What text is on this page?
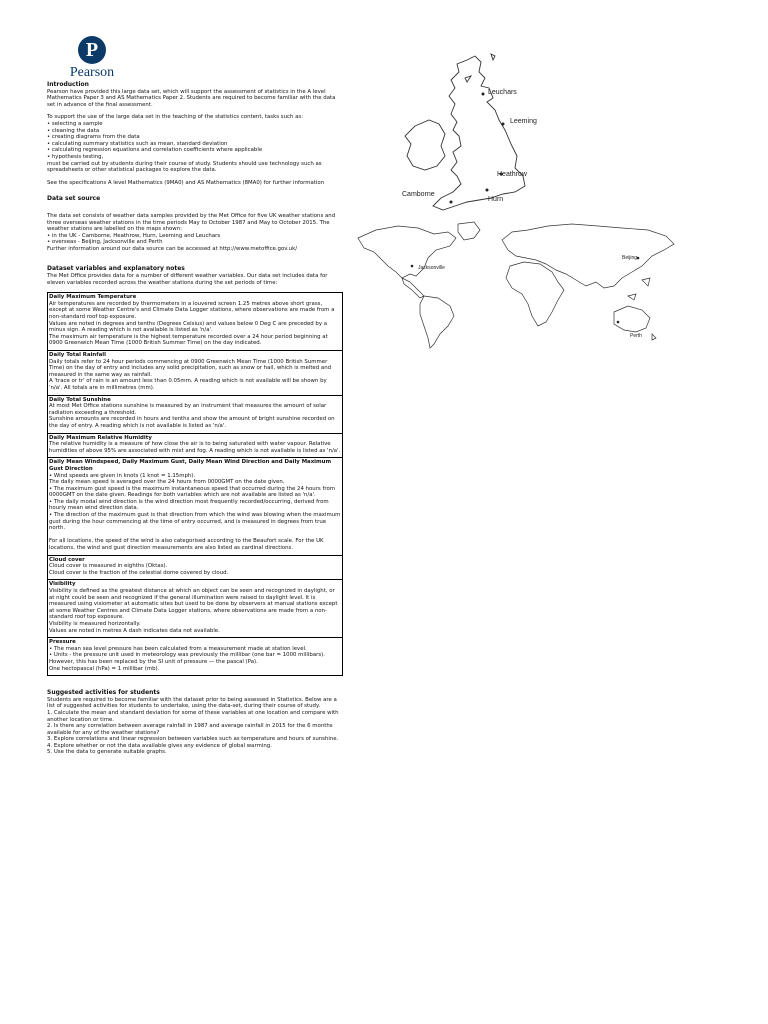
P
Pearson

Introduction

Pearson have provided this large data set, which will support the assessment of statistics in the A level Mathematics Paper 3 and AS Mathematics Paper 2. Students are required to become familiar with the data set in advance of the final assessment.

To support the use of the large data set in the teaching of the statistics content, tasks such as:
• selecting a sample
• cleaning the data
• creating diagrams from the data
• calculating summary statistics such as mean, standard deviation
• calculating regression equations and correlation coefficients where applicable
• hypothesis testing,
must be carried out by students during their course of study. Students should use technology such as spreadsheets or other statistical packages to explore the data.

See the specifications A level Mathematics (9MA0) and AS Mathematics (8MA0) for further information

Data set source

The data set consists of weather data samples provided by the Met Office for five UK weather stations and three overseas weather stations in the time periods May to October 1987 and May to October 2015. The weather stations are labelled on the maps shown:
• in the UK - Camborne, Heathrow, Hurn, Leeming and Leuchars
• overseas - Beijing, Jacksonville and Perth
Further information around our data source can be accessed at http://www.metoffice.gov.uk/

Dataset variables and explanatory notes

The Met Office provides data for a number of different weather variables. Our data set includes data for eleven variables recorded across the weather stations during the set periods of time:

Daily Maximum Temperature
Air temperatures are recorded by thermometers in a louvered screen 1.25 metres above short grass, except at some Weather Centre's and Climate Data Logger stations, where observations are made from a non-standard roof top exposure.
Values are noted in degrees and tenths (Degrees Celsius) and values below 0 Deg C are preceded by a minus sign. A reading which is not available is listed as 'n/a'.
The maximum air temperature is the highest temperature recorded over a 24 hour period beginning at 0900 Greenwich Mean Time (1000 British Summer Time) on the day indicated.
Daily Total Rainfall
Daily totals refer to 24 hour periods commencing at 0900 Greenwich Mean Time (1000 British Summer Time) on the day of entry and includes any solid precipitation, such as snow or hail, which is melted and measured in the same way as rainfall.
A 'trace or tr' of rain is an amount less than 0.05mm. A reading which is not available will be shown by 'n/a'. All totals are in millimetres (mm).
Daily Total Sunshine
At most Met Office stations sunshine is measured by an instrument that measures the amount of solar radiation exceeding a threshold.
Sunshine amounts are recorded in hours and tenths and show the amount of bright sunshine recorded on the day of entry. A reading which is not available is listed as 'n/a'.
Daily Maximum Relative Humidity
The relative humidity is a measure of how close the air is to being saturated with water vapour. Relative humidities of above 95% are associated with mist and fog. A reading which is not available is listed as 'n/a'.
Daily Mean Windspeed, Daily Maximum Gust, Daily Mean Wind Direction and Daily Maximum Gust Direction
• Wind speeds are given in knots (1 knot = 1.15mph).
The daily mean speed is averaged over the 24 hours from 0000GMT on the date given.
• The maximum gust speed is the maximum instantaneous speed that occurred during the 24 hours from 0000GMT on the date given. Readings for both variables which are not available are listed as 'n/a'.
• The daily modal wind direction is the wind direction most frequently recorded/occurring, derived from hourly mean wind direction data.
• The direction of the maximum gust is that direction from which the wind was blowing when the maximum gust during the hour commencing at the time of entry occurred, and is measured in degrees from true north.

For all locations, the speed of the wind is also categorised according to the Beaufort scale. For the UK locations, the wind and gust direction measurements are also listed as cardinal directions.
Cloud cover
Cloud cover is measured in eighths (Oktas).
Cloud cover is the fraction of the celestial dome covered by cloud.
Visibility
Visibility is defined as the greatest distance at which an object can be seen and recognized in daylight, or at night could be seen and recognized if the general illumination were raised to daylight level. It is measured using visiometer at automatic sites but used to be done by observers at manual stations except at some Weather Centres and Climate Data Logger stations, where observations are made from a non-standard roof top exposure.
Visibility is measured horizontally.
Values are noted in metres A dash indicates data not available.
Pressure
• The mean sea level pressure has been calculated from a measurement made at station level.
• Units - the pressure unit used in meteorology was previously the millibar (one bar = 1000 millibars). However, this has been replaced by the SI unit of pressure — the pascal (Pa).
One hectopascal (hPa) = 1 millibar (mb).

Suggested activities for students

Students are required to become familiar with the dataset prior to being assessed in Statistics. Below are a list of suggested activities for students to undertake, using the data-set, during their course of study.
1. Calculate the mean and standard deviation for some of these variables at one location and compare with another location or time.
2. Is there any correlation between average rainfall in 1987 and average rainfall in 2015 for the 6 months available for any of the weather stations?
3. Explore correlations and linear regression between variables such as temperature and hours of sunshine.
4. Explore whether or not the data available gives any evidence of global warming.
5. Use the data to generate suitable graphs.
Leuchars
Leeming
Heathrow
Camborne
Hurn
Beijing
Jacksonville
Perth
